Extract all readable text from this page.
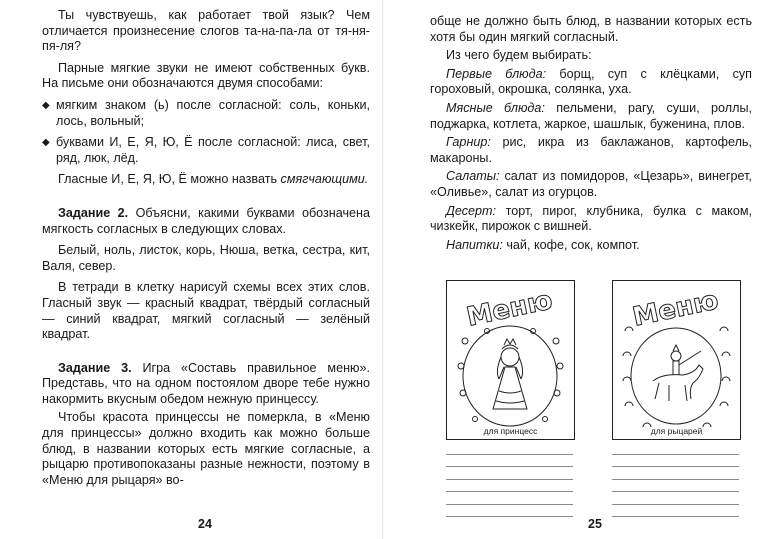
Ты чувствуешь, как работает твой язык? Чем отличается произнесение слогов та-на-па-ла от тя-ня-пя-ля?

Парные мягкие звуки не имеют собственных букв. На письме они обозначаются двумя способами:

◆ мягким знаком (ь) после согласной: соль, коньки, лось, вольный;
◆ буквами И, Е, Я, Ю, Ё после согласной: лиса, свет, ряд, люк, лёд.

Гласные И, Е, Я, Ю, Ё можно назвать смягчающими.

Задание 2. Объясни, какими буквами обозначена мягкость согласных в следующих словах.

Белый, ноль, листок, корь, Нюша, ветка, сестра, кит, Валя, север.

В тетради в клетку нарисуй схемы всех этих слов. Гласный звук — красный квадрат, твёрдый согласный — синий квадрат, мягкий согласный — зелёный квадрат.

Задание 3. Игра «Составь правильное меню». Представь, что на одном постоялом дворе тебе нужно накормить вкусным обедом нежную принцессу.

Чтобы красота принцессы не померкла, в «Меню для принцессы» должно входить как можно больше блюд, в названии которых есть мягкие согласные, а рыцарю противопоказаны разные нежности, поэтому в «Меню для рыцаря» во-

24

обще не должно быть блюд, в названии которых есть хотя бы один мягкий согласный.

Из чего будем выбирать:

Первые блюда: борщ, суп с клёцками, суп гороховый, окрошка, солянка, уха.

Мясные блюда: пельмени, рагу, суши, роллы, поджарка, котлета, жаркое, шашлык, буженина, плов.

Гарнир: рис, икра из баклажанов, картофель, макароны.

Салаты: салат из помидоров, «Цезарь», винегрет, «Оливье», салат из огурцов.

Десерт: торт, пирог, клубника, булка с маком, чизкейк, пирожок с вишней.

Напитки: чай, кофе, сок, компот.

Меню
для принцесс
Меню
для рыцарей
25
